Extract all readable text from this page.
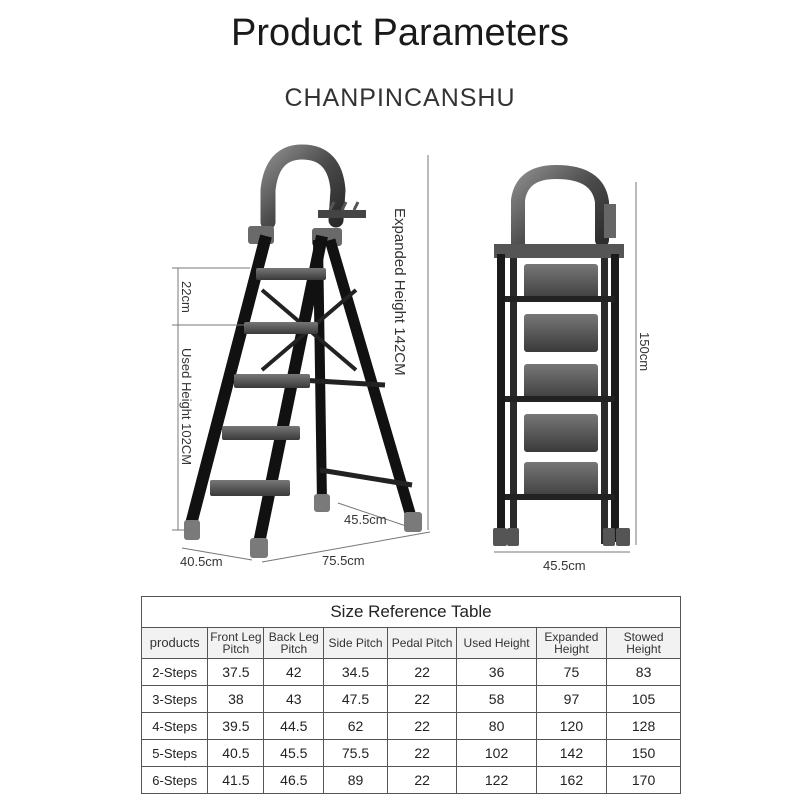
Product Parameters
CHANPINCANSHU
Expanded Height 142CM
22cm
Used Height 102CM
45.5cm
40.5cm	75.5cm
150cm
45.5cm
Size Reference Table
products	Front Leg Pitch	Back Leg Pitch	Side Pitch	Pedal Pitch	Used Height	Expanded Height	Stowed Height
2-Steps	37.5	42	34.5	22	36	75	83
3-Steps	38	43	47.5	22	58	97	105
4-Steps	39.5	44.5	62	22	80	120	128
5-Steps	40.5	45.5	75.5	22	102	142	150
6-Steps	41.5	46.5	89	22	122	162	170
